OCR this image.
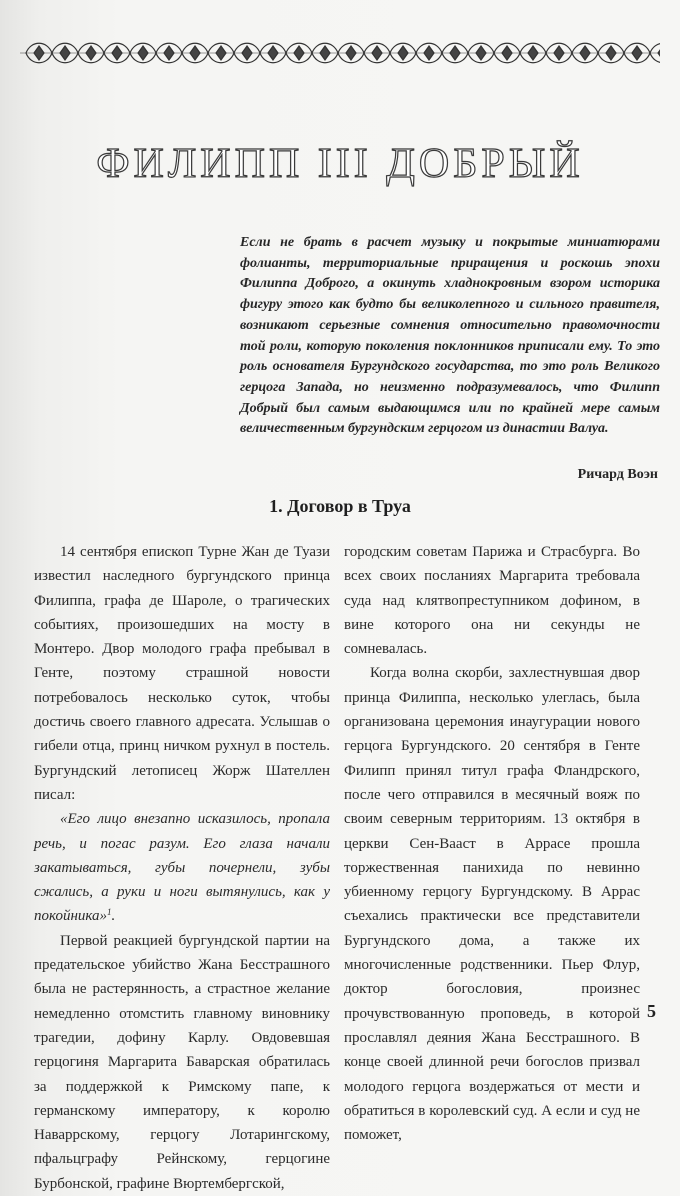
ФИЛИПП III ДОБРЫЙ

Если не брать в расчет музыку и покрытые миниатюрами фолианты, территориальные приращения и роскошь эпохи Филиппа Доброго, а окинуть хладнокровным взором историка фигуру этого как будто бы великолепного и сильного правителя, возникают серьезные сомнения относительно правомочности той роли, которую поколения поклонников приписали ему. То это роль основателя Бургундского государства, то это роль Великого герцога Запада, но неизменно подразумевалось, что Филипп Добрый был самым выдающимся или по крайней мере самым величественным бургундским герцогом из династии Валуа.

Ричард Воэн
1. Договор в Труа

14 сентября епископ Турне Жан де Туази известил наследного бургундского принца Филиппа, графа де Шароле, о трагических событиях, произошедших на мосту в Монтеро. Двор молодого графа пребывал в Генте, поэтому страшной новости потребовалось несколько суток, чтобы достичь своего главного адресата. Услышав о гибели отца, принц ничком рухнул в постель. Бургундский летописец Жорж Шателлен писал:

«Его лицо внезапно исказилось, пропала речь, и погас разум. Его глаза начали закатываться, губы почернели, зубы сжались, а руки и ноги вытянулись, как у покойника»$^1$.

Первой реакцией бургундской партии на предательское убийство Жана Бесстрашного была не растерянность, а страстное желание немедленно отомстить главному виновнику трагедии, дофину Карлу. Овдовевшая герцогиня Маргарита Баварская обратилась за поддержкой к Римскому папе, к германскому императору, к королю Наваррскому, герцогу Лотарингскому, пфальцграфу Рейнскому, герцогине Бурбонской, графине Вюртембергской,

городским советам Парижа и Страсбурга. Во всех своих посланиях Маргарита требовала суда над клятвопреступником дофином, в вине которого она ни секунды не сомневалась.

Когда волна скорби, захлестнувшая двор принца Филиппа, несколько улеглась, была организована церемония инаугурации нового герцога Бургундского. 20 сентября в Генте Филипп принял титул графа Фландрского, после чего отправился в месячный вояж по своим северным территориям. 13 октября в церкви Сен-Вааст в Аррасе прошла торжественная панихида по невинно убиенному герцогу Бургундскому. В Аррас съехались практически все представители Бургундского дома, а также их многочисленные родственники. Пьер Флур, доктор богословия, произнес прочувствованную проповедь, в которой прославлял деяния Жана Бесстрашного. В конце своей длинной речи богослов призвал молодого герцога воздержаться от мести и обратиться в королевский суд. А если и суд не поможет,

5
